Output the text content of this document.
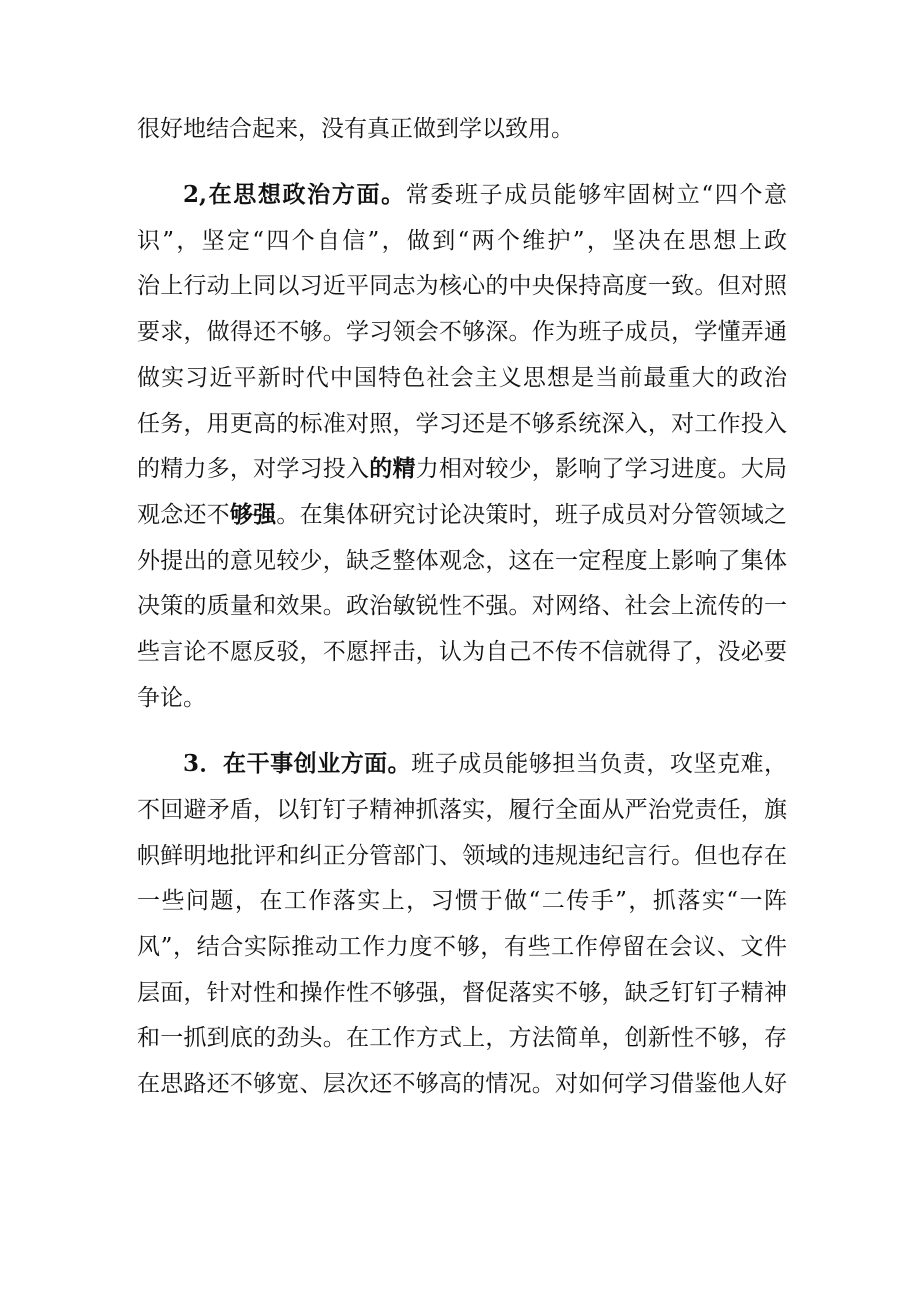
很好地结合起来，没有真正做到学以致用。
2,在思想政治方面。常委班子成员能够牢固树立“四个意
识”，坚定“四个自信”，做到“两个维护”，坚决在思想上政
治上行动上同以习近平同志为核心的中央保持高度一致。但对照
要求，做得还不够。学习领会不够深。作为班子成员，学懂弄通
做实习近平新时代中国特色社会主义思想是当前最重大的政治
任务，用更高的标准对照，学习还是不够系统深入，对工作投入
的精力多，对学习投入的精力相对较少，影响了学习进度。大局
观念还不够强。在集体研究讨论决策时，班子成员对分管领域之
外提出的意见较少，缺乏整体观念，这在一定程度上影响了集体
决策的质量和效果。政治敏锐性不强。对网络、社会上流传的一
些言论不愿反驳，不愿抨击，认为自己不传不信就得了，没必要
争论。
3．在干事创业方面。班子成员能够担当负责，攻坚克难，
不回避矛盾，以钉钉子精神抓落实，履行全面从严治党责任，旗
帜鲜明地批评和纠正分管部门、领域的违规违纪言行。但也存在
一些问题，在工作落实上，习惯于做“二传手”，抓落实“一阵
风”，结合实际推动工作力度不够，有些工作停留在会议、文件
层面，针对性和操作性不够强，督促落实不够，缺乏钉钉子精神
和一抓到底的劲头。在工作方式上，方法简单，创新性不够，存
在思路还不够宽、层次还不够高的情况。对如何学习借鉴他人好
